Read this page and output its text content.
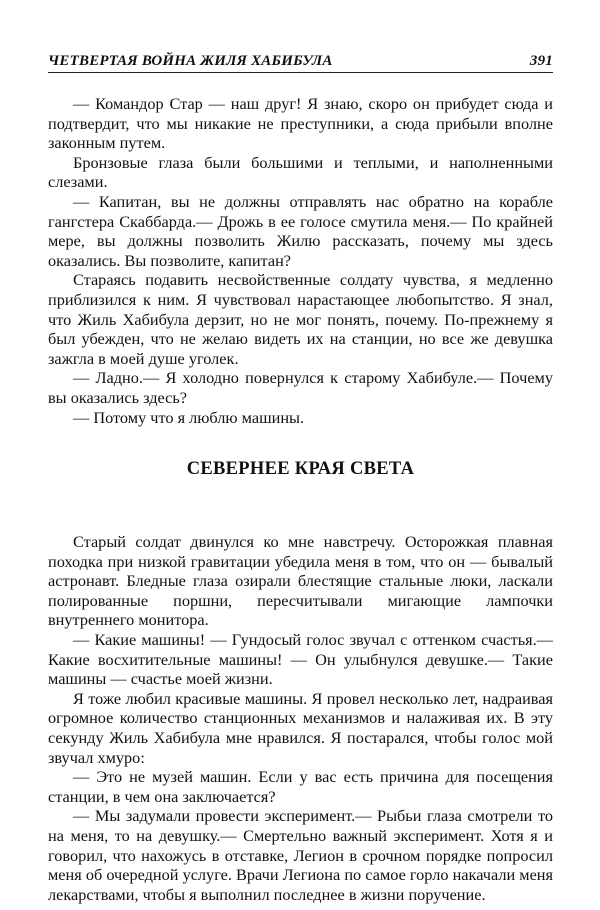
ЧЕТВЕРТАЯ ВОЙНА ЖИЛЯ ХАБИБУЛА	391

— Командор Стар — наш друг! Я знаю, скоро он прибудет сюда и подтвердит, что мы никакие не преступники, а сюда прибыли вполне законным путем.

Бронзовые глаза были большими и теплыми, и наполненными слезами.

— Капитан, вы не должны отправлять нас обратно на корабле гангстера Скаббарда.— Дрожь в ее голосе смутила меня.— По крайней мере, вы должны позволить Жилю рассказать, почему мы здесь оказались. Вы позволите, капитан?

Стараясь подавить несвойственные солдату чувства, я медленно приблизился к ним. Я чувствовал нарастающее любопытство. Я знал, что Жиль Хабибула дерзит, но не мог понять, почему. По-прежнему я был убежден, что не желаю видеть их на станции, но все же девушка зажгла в моей душе уголек.

— Ладно.— Я холодно повернулся к старому Хабибуле.— Почему вы оказались здесь?

— Потому что я люблю машины.

СЕВЕРНЕЕ КРАЯ СВЕТА

Старый солдат двинулся ко мне навстречу. Осторожкая плавная походка при низкой гравитации убедила меня в том, что он — бывалый астронавт. Бледные глаза озирали блестящие стальные люки, ласкали полированные поршни, пересчитывали мигающие лампочки внутреннего монитора.

— Какие машины! — Гундосый голос звучал с оттенком счастья.— Какие восхитительные машины! — Он улыбнулся девушке.— Такие машины — счастье моей жизни.

Я тоже любил красивые машины. Я провел несколько лет, надраивая огромное количество станционных механизмов и налаживая их. В эту секунду Жиль Хабибула мне нравился. Я постарался, чтобы голос мой звучал хмуро:

— Это не музей машин. Если у вас есть причина для посещения станции, в чем она заключается?

— Мы задумали провести эксперимент.— Рыбьи глаза смотрели то на меня, то на девушку.— Смертельно важный эксперимент. Хотя я и говорил, что нахожусь в отставке, Легион в срочном порядке попросил меня об очередной услуге. Врачи Легиона по самое горло накачали меня лекарствами, чтобы я выполнил последнее в жизни поручение.
